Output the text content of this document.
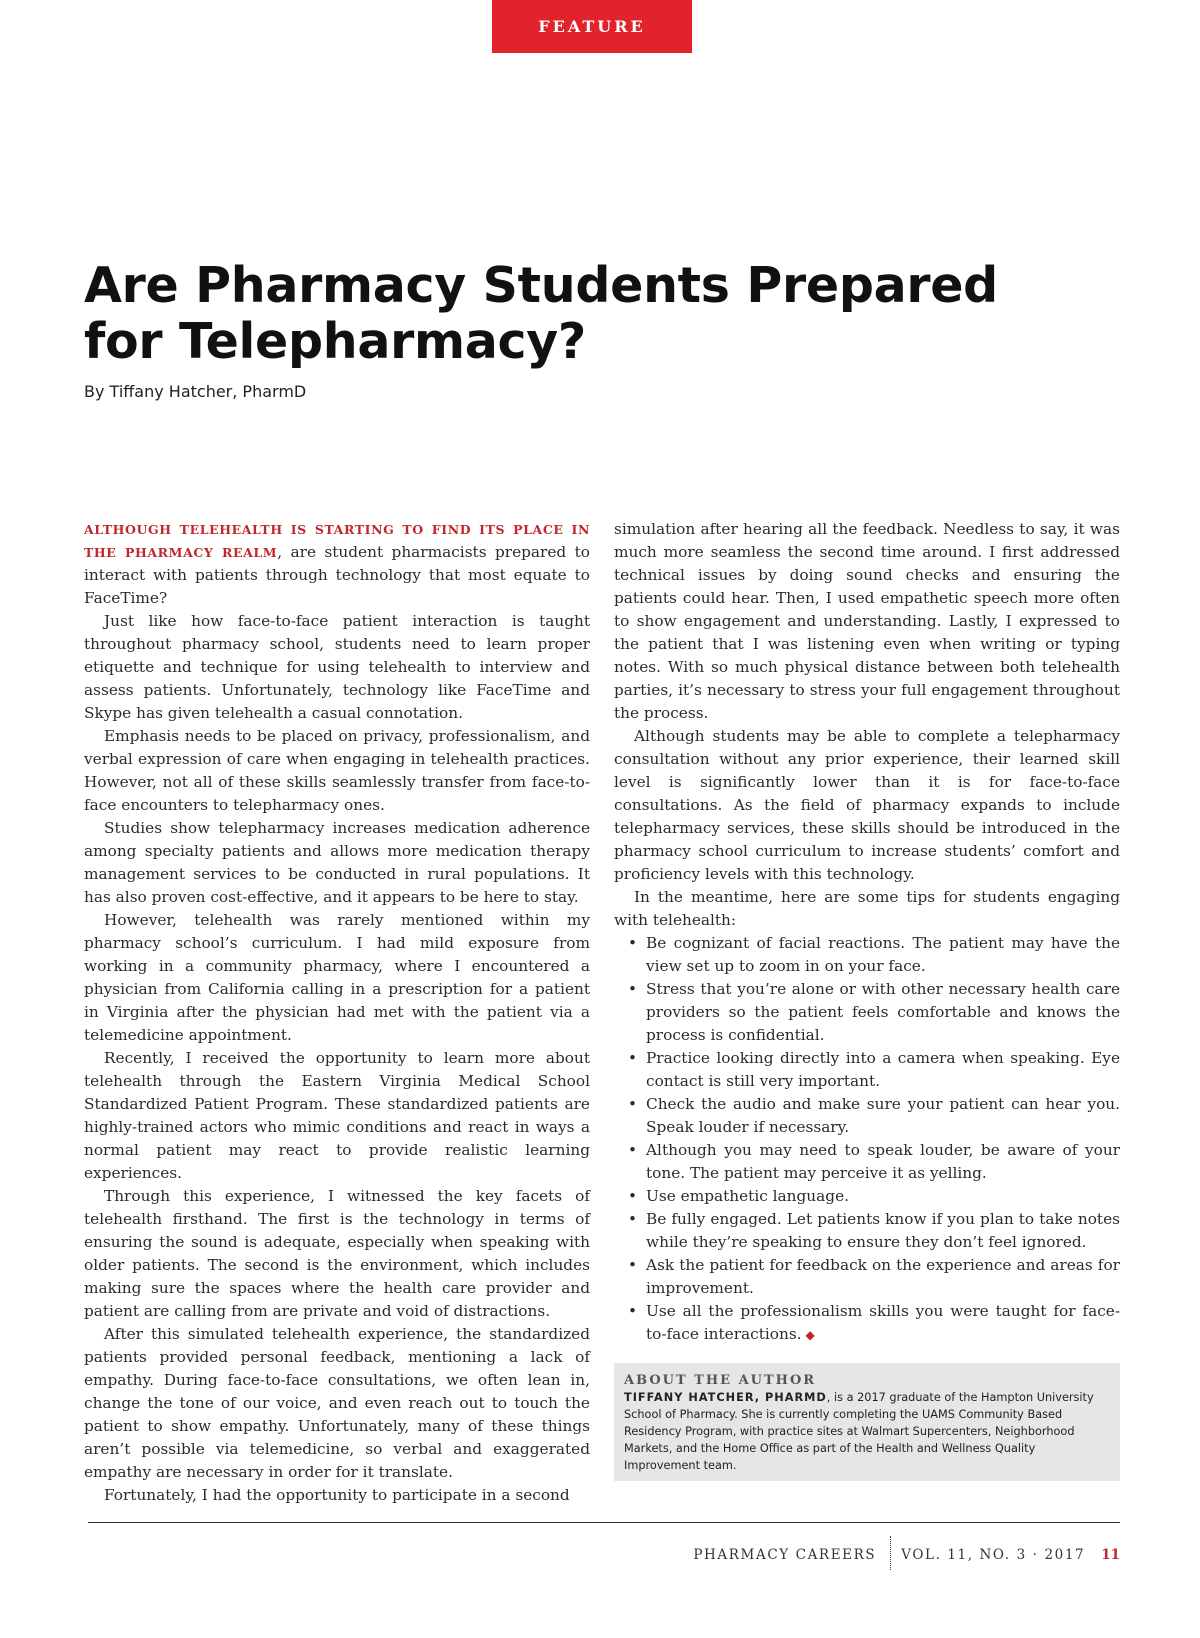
FEATURE
Are Pharmacy Students Prepared for Telepharmacy?
By Tiffany Hatcher, PharmD

ALTHOUGH TELEHEALTH IS STARTING TO FIND ITS PLACE IN THE PHARMACY REALM, are student pharmacists prepared to interact with patients through technology that most equate to FaceTime?

Just like how face-to-face patient interaction is taught throughout pharmacy school, students need to learn proper etiquette and technique for using telehealth to interview and assess patients. Unfortunately, technology like FaceTime and Skype has given telehealth a casual connotation.

Emphasis needs to be placed on privacy, professionalism, and verbal expression of care when engaging in telehealth practices. However, not all of these skills seamlessly transfer from face-to-face encounters to telepharmacy ones.

Studies show telepharmacy increases medication adherence among specialty patients and allows more medication therapy management services to be conducted in rural populations. It has also proven cost-effective, and it appears to be here to stay.

However, telehealth was rarely mentioned within my pharmacy school’s curriculum. I had mild exposure from working in a community pharmacy, where I encountered a physician from California calling in a prescription for a patient in Virginia after the physician had met with the patient via a telemedicine appointment.

Recently, I received the opportunity to learn more about telehealth through the Eastern Virginia Medical School Standardized Patient Program. These standardized patients are highly-trained actors who mimic conditions and react in ways a normal patient may react to provide realistic learning experiences.

Through this experience, I witnessed the key facets of telehealth firsthand. The first is the technology in terms of ensuring the sound is adequate, especially when speaking with older patients. The second is the environment, which includes making sure the spaces where the health care provider and patient are calling from are private and void of distractions.

After this simulated telehealth experience, the standardized patients provided personal feedback, mentioning a lack of empathy. During face-to-face consultations, we often lean in, change the tone of our voice, and even reach out to touch the patient to show empathy. Unfortunately, many of these things aren’t possible via telemedicine, so verbal and exaggerated empathy are necessary in order for it translate.

Fortunately, I had the opportunity to participate in a second

simulation after hearing all the feedback. Needless to say, it was much more seamless the second time around. I first addressed technical issues by doing sound checks and ensuring the patients could hear. Then, I used empathetic speech more often to show engagement and understanding. Lastly, I expressed to the patient that I was listening even when writing or typing notes. With so much physical distance between both telehealth parties, it’s necessary to stress your full engagement throughout the process.

Although students may be able to complete a telepharmacy consultation without any prior experience, their learned skill level is significantly lower than it is for face-to-face consultations. As the field of pharmacy expands to include telepharmacy services, these skills should be introduced in the pharmacy school curriculum to increase students’ comfort and proficiency levels with this technology.

In the meantime, here are some tips for students engaging with telehealth:

• Be cognizant of facial reactions. The patient may have the view set up to zoom in on your face.
• Stress that you’re alone or with other necessary health care providers so the patient feels comfortable and knows the process is confidential.
• Practice looking directly into a camera when speaking. Eye contact is still very important.
• Check the audio and make sure your patient can hear you. Speak louder if necessary.
• Although you may need to speak louder, be aware of your tone. The patient may perceive it as yelling.
• Use empathetic language.
• Be fully engaged. Let patients know if you plan to take notes while they’re speaking to ensure they don’t feel ignored.
• Ask the patient for feedback on the experience and areas for improvement.
• Use all the professionalism skills you were taught for face-to-face interactions. ◆
ABOUT THE AUTHOR
TIFFANY HATCHER, PHARMD, is a 2017 graduate of the Hampton University School of Pharmacy. She is currently completing the UAMS Community Based Residency Program, with practice sites at Walmart Supercenters, Neighborhood Markets, and the Home Office as part of the Health and Wellness Quality Improvement team.
PHARMACY CAREERS VOL. 11, NO. 3 · 2017 11
